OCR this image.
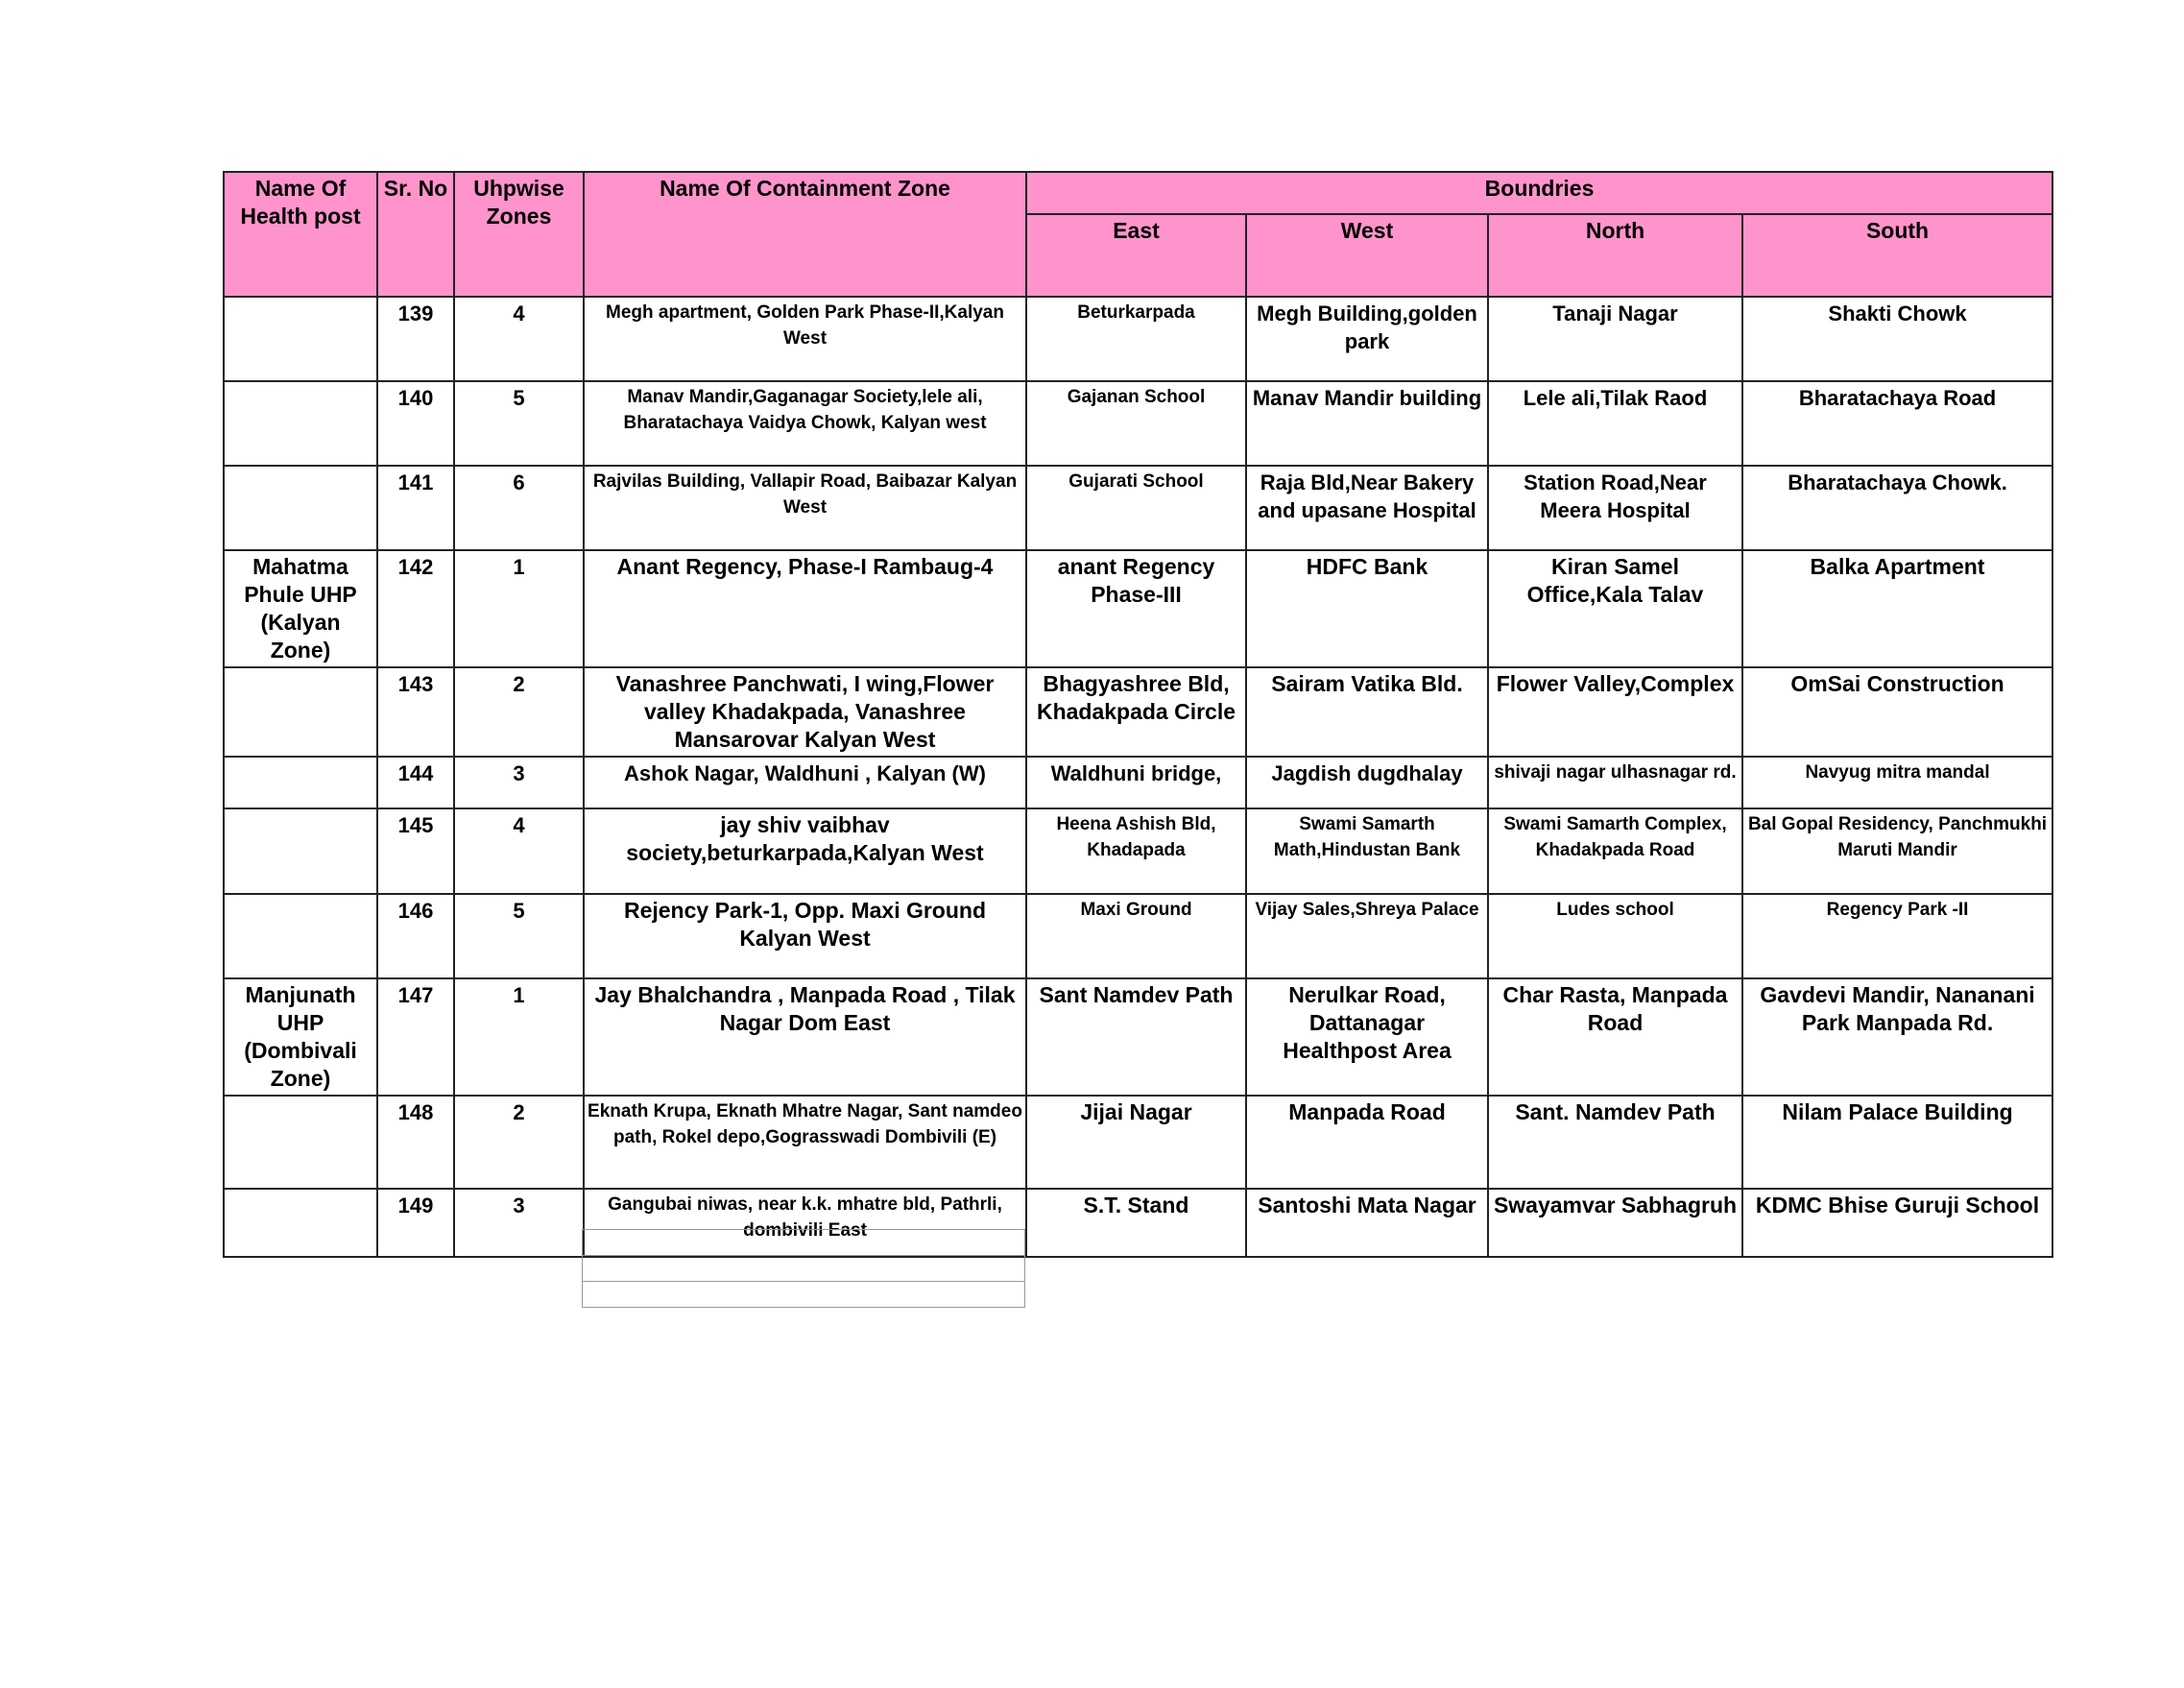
Name Of Health post	Sr. No	Uhpwise Zones	Name Of Containment Zone	Boundries			
				East	West	North	South
	139	4	Megh apartment, Golden Park Phase-II,Kalyan West	Beturkarpada	Megh Building,golden park	Tanaji Nagar	Shakti Chowk
	140	5	Manav Mandir,Gaganagar Society,lele ali, Bharatachaya Vaidya Chowk, Kalyan west	Gajanan School	Manav Mandir building	Lele ali,Tilak Raod	Bharatachaya Road
	141	6	Rajvilas Building, Vallapir Road, Baibazar Kalyan West	Gujarati School	Raja Bld,Near Bakery and upasane Hospital	Station Road,Near Meera Hospital	Bharatachaya Chowk.
Mahatma Phule UHP (Kalyan Zone)	142	1	Anant Regency, Phase-I Rambaug-4	anant Regency Phase-III	HDFC Bank	Kiran Samel Office,Kala Talav	Balka Apartment
	143	2	Vanashree Panchwati, I wing,Flower valley Khadakpada, Vanashree Mansarovar Kalyan West	Bhagyashree Bld, Khadakpada Circle	Sairam Vatika Bld.	Flower Valley,Complex	OmSai Construction
	144	3	Ashok Nagar, Waldhuni , Kalyan (W)	Waldhuni bridge,	Jagdish dugdhalay	shivaji nagar ulhasnagar rd.	Navyug mitra mandal
	145	4	jay shiv vaibhav society,beturkarpada,Kalyan West	Heena Ashish Bld, Khadapada	Swami Samarth Math,Hindustan Bank	Swami Samarth Complex, Khadakpada Road	Bal Gopal Residency, Panchmukhi Maruti Mandir
	146	5	Rejency Park-1, Opp. Maxi Ground Kalyan West	Maxi Ground	Vijay Sales,Shreya Palace	Ludes school	Regency Park -II
Manjunath UHP (Dombivali Zone)	147	1	Jay Bhalchandra , Manpada Road , Tilak Nagar Dom East	Sant Namdev Path	Nerulkar Road, Dattanagar Healthpost Area	Char Rasta, Manpada Road	Gavdevi Mandir, Nananani Park Manpada Rd.
	148	2	Eknath Krupa, Eknath Mhatre Nagar, Sant namdeo path, Rokel depo,Gograsswadi Dombivili (E)	Jijai Nagar	Manpada Road	Sant. Namdev Path	Nilam Palace Building
	149	3	Gangubai niwas, near k.k. mhatre bld, Pathrli, dombivili East	S.T. Stand	Santoshi Mata Nagar	Swayamvar Sabhagruh	KDMC Bhise Guruji School
